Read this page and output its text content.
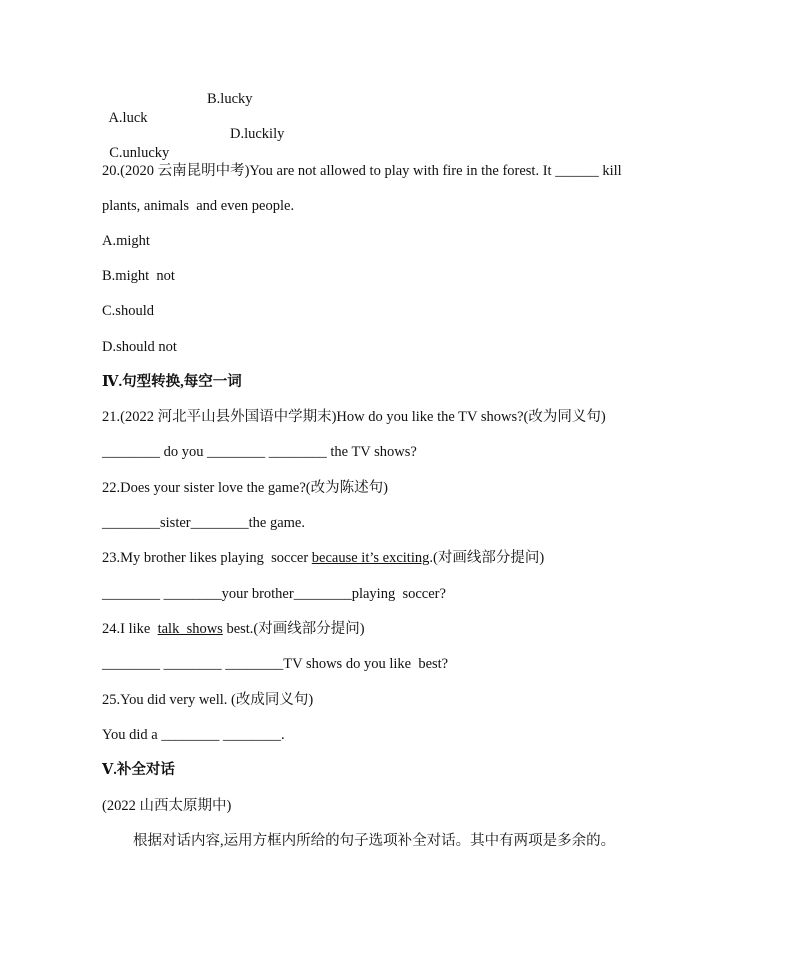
A.luck

B.lucky

C.unlucky

D.luckily
20.(2020 云南昆明中考)You are not allowed to play with fire in the forest. It ______ kill
plants, animals  and even people.
A.might
B.might  not
C.should
D.should not
Ⅳ.句型转换,每空一词
21.(2022 河北平山县外国语中学期末)How do you like the TV shows?(改为同义句)
________ do you ________ ________ the TV shows?
22.Does your sister love the game?(改为陈述句)
________sister________the game.
23.My brother likes playing  soccer because it’s exciting.(对画线部分提问)
________ ________your brother________playing  soccer?
24.I like  talk  shows best.(对画线部分提问)
________ ________ ________TV shows do you like  best?
25.You did very well. (改成同义句)
You did a ________ ________.
Ⅴ.补全对话
(2022 山西太原期中)
根据对话内容,运用方框内所给的句子选项补全对话。其中有两项是多余的。
